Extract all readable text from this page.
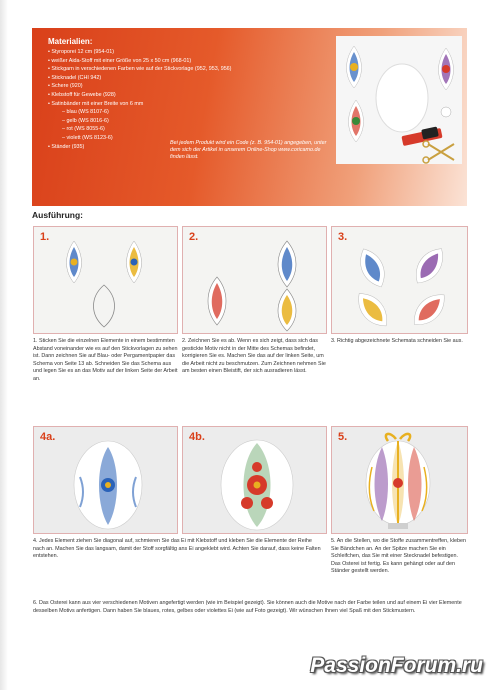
Materialien:
• Styroporei 12 cm (954-01)
• weißer Aida-Stoff mit einer Größe von 25 x 50 cm (968-01)
• Stickgarn in verschiedenen Farben wie auf der Stickvorlage (952, 953, 956)
• Sticknadel (CHI 942)
• Schere (920)
• Klebstoff für Gewebe (928)
• Satinbänder mit einer Breite von 6 mm
– blau (WS 8107-6)
– gelb (WS 8016-6)
– rot (WS 8055-6)
– violett (WS 8123-6)
• Ständer (935)
Bei jedem Produkt wird ein Code (z. B. 954-01) angegeben, unter dem sich der Artikel in unserem Online-Shop www.coricamo.de finden lässt.
Ausführung:
1.	2.	3.
1. Sticken Sie die einzelnen Elemente in einem bestimmten Abstand voneinander wie es auf den Stickvorlagen zu sehen ist. Dann zeichnen Sie auf Blau- oder Pergamentpapier das Schema von Seite 13 ab. Schneiden Sie das Schema aus und legen Sie es an das Motiv auf der linken Seite der Arbeit an.
2. Zeichnen Sie es ab. Wenn es sich zeigt, dass sich das gestickte Motiv nicht in der Mitte des Schemas befindet, korrigieren Sie es. Machen Sie das auf der linken Seite, um die Arbeit nicht zu beschmutzen. Zum Zeichnen nehmen Sie am besten einen Bleistift, der sich ausradieren lässt.
3. Richtig abgezeichnete Schemata schneiden Sie aus.
4a.	4b.	5.
4. Jedes Element ziehen Sie diagonal auf, schmieren Sie das Ei mit Klebstoff und kleben Sie die Elemente der Reihe nach an. Machen Sie das langsam, damit der Stoff sorgfältig ans Ei angeklebt wird. Achten Sie darauf, dass keine Falten entstehen.
5. An die Stellen, wo die Stoffe zusammentreffen, kleben Sie Bändchen an. An der Spitze machen Sie ein Schleifchen, das Sie mit einer Stecknadel befestigen. Das Osterei ist fertig. Es kann gehängt oder auf den Ständer gestellt werden.
6. Das Osterei kann aus vier verschiedenen Motiven angefertigt werden (wie im Beispiel gezeigt). Sie können auch die Motive nach der Farbe teilen und auf einem Ei vier Elemente desselben Motivs anfertigen. Dann haben Sie blaues, rotes, gelbes oder violettes Ei (wie auf Foto gezeigt). Wir wünschen Ihnen viel Spaß mit den Stickmustern.
PassionForum.ru
